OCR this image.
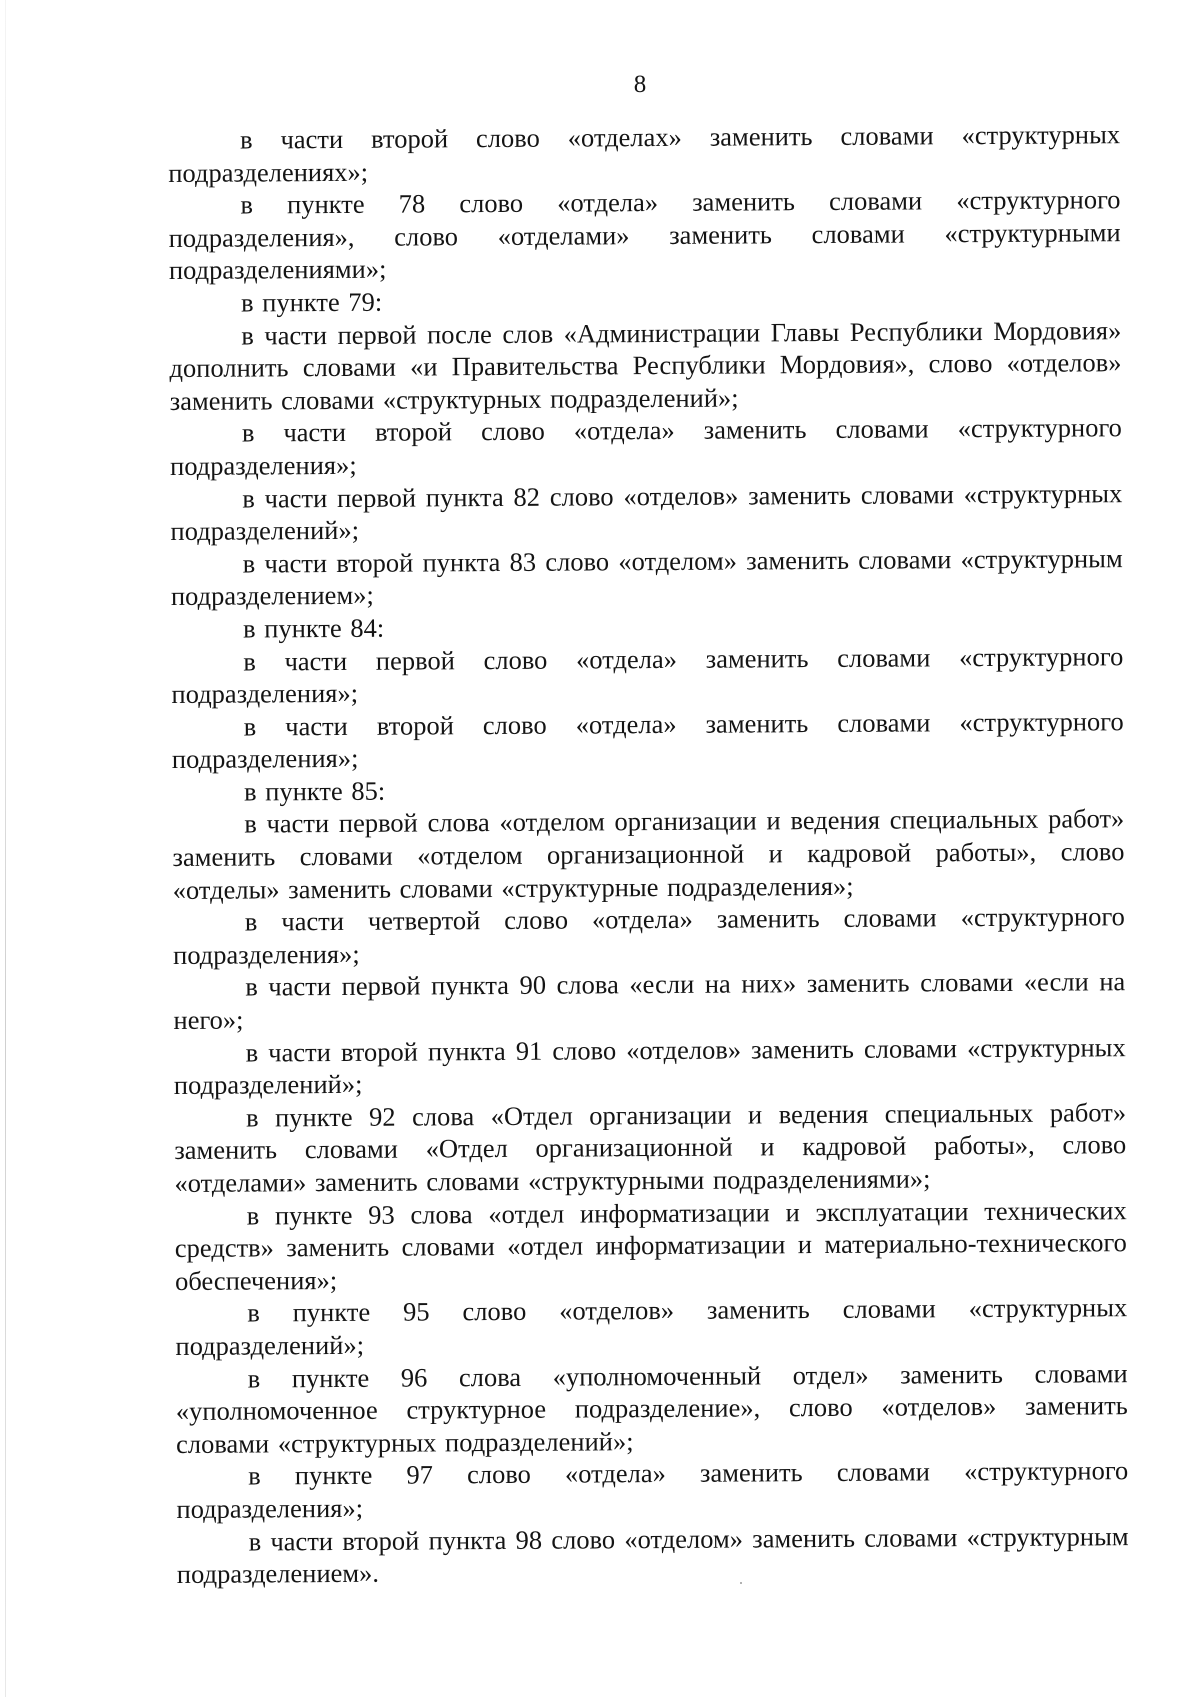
8

в части второй слово «отделах» заменить словами «структурных подразделениях»;

в пункте 78 слово «отдела» заменить словами «структурного подразделения», слово «отделами» заменить словами «структурными подразделениями»;

в пункте 79:

в части первой после слов «Администрации Главы Республики Мордовия» дополнить словами «и Правительства Республики Мордовия», слово «отделов» заменить словами «структурных подразделений»;

в части второй слово «отдела» заменить словами «структурного подразделения»;

в части первой пункта 82 слово «отделов» заменить словами «структурных подразделений»;

в части второй пункта 83 слово «отделом» заменить словами «структурным подразделением»;

в пункте 84:

в части первой слово «отдела» заменить словами «структурного подразделения»;

в части второй слово «отдела» заменить словами «структурного подразделения»;

в пункте 85:

в части первой слова «отделом организации и ведения специальных работ» заменить словами «отделом организационной и кадровой работы», слово «отделы» заменить словами «структурные подразделения»;

в части четвертой слово «отдела» заменить словами «структурного подразделения»;

в части первой пункта 90 слова «если на них» заменить словами «если на него»;

в части второй пункта 91 слово «отделов» заменить словами «структурных подразделений»;

в пункте 92 слова «Отдел организации и ведения специальных работ» заменить словами «Отдел организационной и кадровой работы», слово «отделами» заменить словами «структурными подразделениями»;

в пункте 93 слова «отдел информатизации и эксплуатации технических средств» заменить словами «отдел информатизации и материально-технического обеспечения»;

в пункте 95 слово «отделов» заменить словами «структурных подразделений»;

в пункте 96 слова «уполномоченный отдел» заменить словами «уполномоченное структурное подразделение», слово «отделов» заменить словами «структурных подразделений»;

в пункте 97 слово «отдела» заменить словами «структурного подразделения»;

в части второй пункта 98 слово «отделом» заменить словами «структурным подразделением».
